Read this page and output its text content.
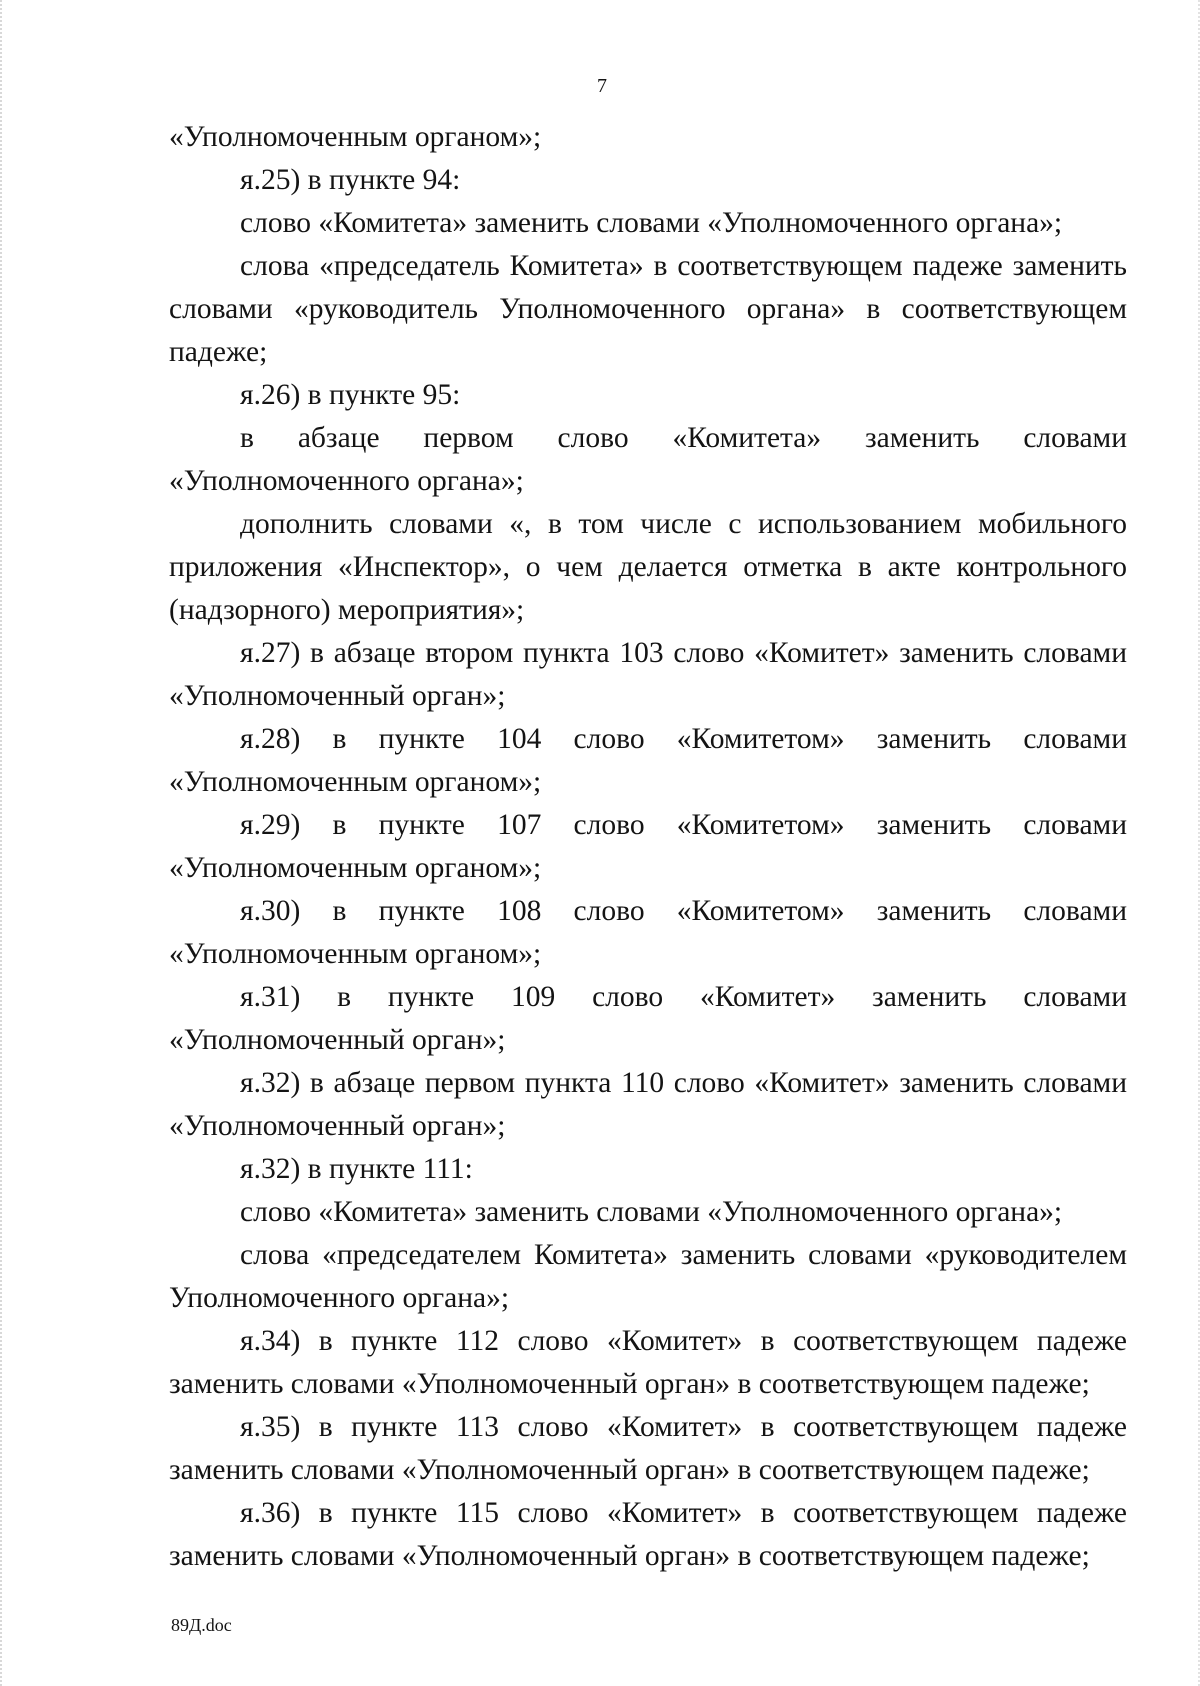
7

«Уполномоченным органом»;

я.25) в пункте 94:

слово «Комитета» заменить словами «Уполномоченного органа»;

слова «председатель Комитета» в соответствующем падеже заменить словами «руководитель Уполномоченного органа» в соответствующем падеже;

я.26) в пункте 95:

в абзаце первом слово «Комитета» заменить словами «Уполномоченного органа»;

дополнить словами «, в том числе с использованием мобильного приложения «Инспектор», о чем делается отметка в акте контрольного (надзорного) мероприятия»;

я.27) в абзаце втором пункта 103 слово «Комитет» заменить словами «Уполномоченный орган»;

я.28) в пункте 104 слово «Комитетом» заменить словами «Уполномоченным органом»;

я.29) в пункте 107 слово «Комитетом» заменить словами «Уполномоченным органом»;

я.30) в пункте 108 слово «Комитетом» заменить словами «Уполномоченным органом»;

я.31) в пункте 109 слово «Комитет» заменить словами «Уполномоченный орган»;

я.32) в абзаце первом пункта 110 слово «Комитет» заменить словами «Уполномоченный орган»;

я.32) в пункте 111:

слово «Комитета» заменить словами «Уполномоченного органа»;

слова «председателем Комитета» заменить словами «руководителем Уполномоченного органа»;

я.34) в пункте 112 слово «Комитет» в соответствующем падеже заменить словами «Уполномоченный орган» в соответствующем падеже;

я.35) в пункте 113 слово «Комитет» в соответствующем падеже заменить словами «Уполномоченный орган» в соответствующем падеже;

я.36) в пункте 115 слово «Комитет» в соответствующем падеже заменить словами «Уполномоченный орган» в соответствующем падеже;

89Д.doc
